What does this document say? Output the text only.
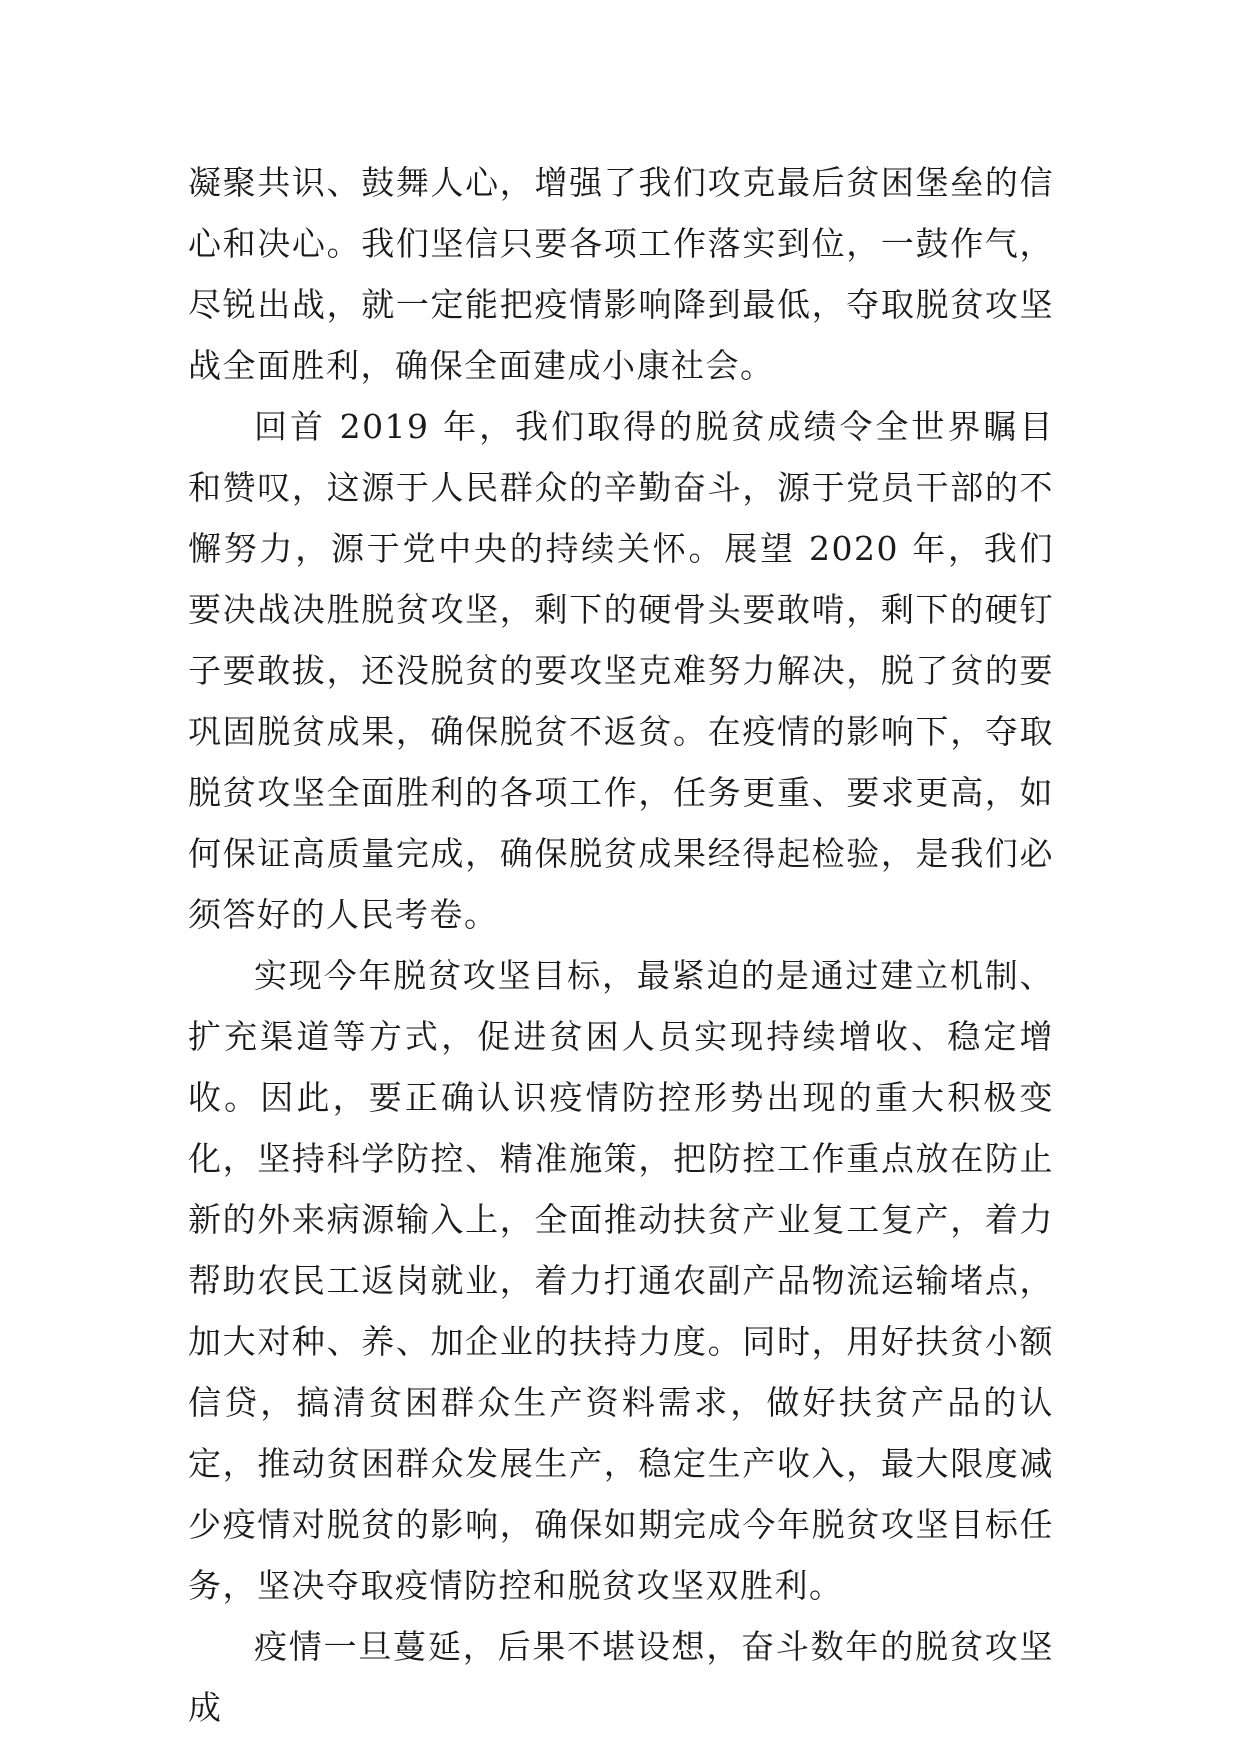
凝聚共识、鼓舞人心，增强了我们攻克最后贫困堡垒的信心和决心。我们坚信只要各项工作落实到位，一鼓作气，尽锐出战，就一定能把疫情影响降到最低，夺取脱贫攻坚战全面胜利，确保全面建成小康社会。

回首 2019 年，我们取得的脱贫成绩令全世界瞩目和赞叹，这源于人民群众的辛勤奋斗，源于党员干部的不懈努力，源于党中央的持续关怀。展望 2020 年，我们要决战决胜脱贫攻坚，剩下的硬骨头要敢啃，剩下的硬钉子要敢拔，还没脱贫的要攻坚克难努力解决，脱了贫的要巩固脱贫成果，确保脱贫不返贫。在疫情的影响下，夺取脱贫攻坚全面胜利的各项工作，任务更重、要求更高，如何保证高质量完成，确保脱贫成果经得起检验，是我们必须答好的人民考卷。

实现今年脱贫攻坚目标，最紧迫的是通过建立机制、扩充渠道等方式，促进贫困人员实现持续增收、稳定增收。因此，要正确认识疫情防控形势出现的重大积极变化，坚持科学防控、精准施策，把防控工作重点放在防止新的外来病源输入上，全面推动扶贫产业复工复产，着力帮助农民工返岗就业，着力打通农副产品物流运输堵点，加大对种、养、加企业的扶持力度。同时，用好扶贫小额信贷，搞清贫困群众生产资料需求，做好扶贫产品的认定，推动贫困群众发展生产，稳定生产收入，最大限度减少疫情对脱贫的影响，确保如期完成今年脱贫攻坚目标任务，坚决夺取疫情防控和脱贫攻坚双胜利。

疫情一旦蔓延，后果不堪设想，奋斗数年的脱贫攻坚成
